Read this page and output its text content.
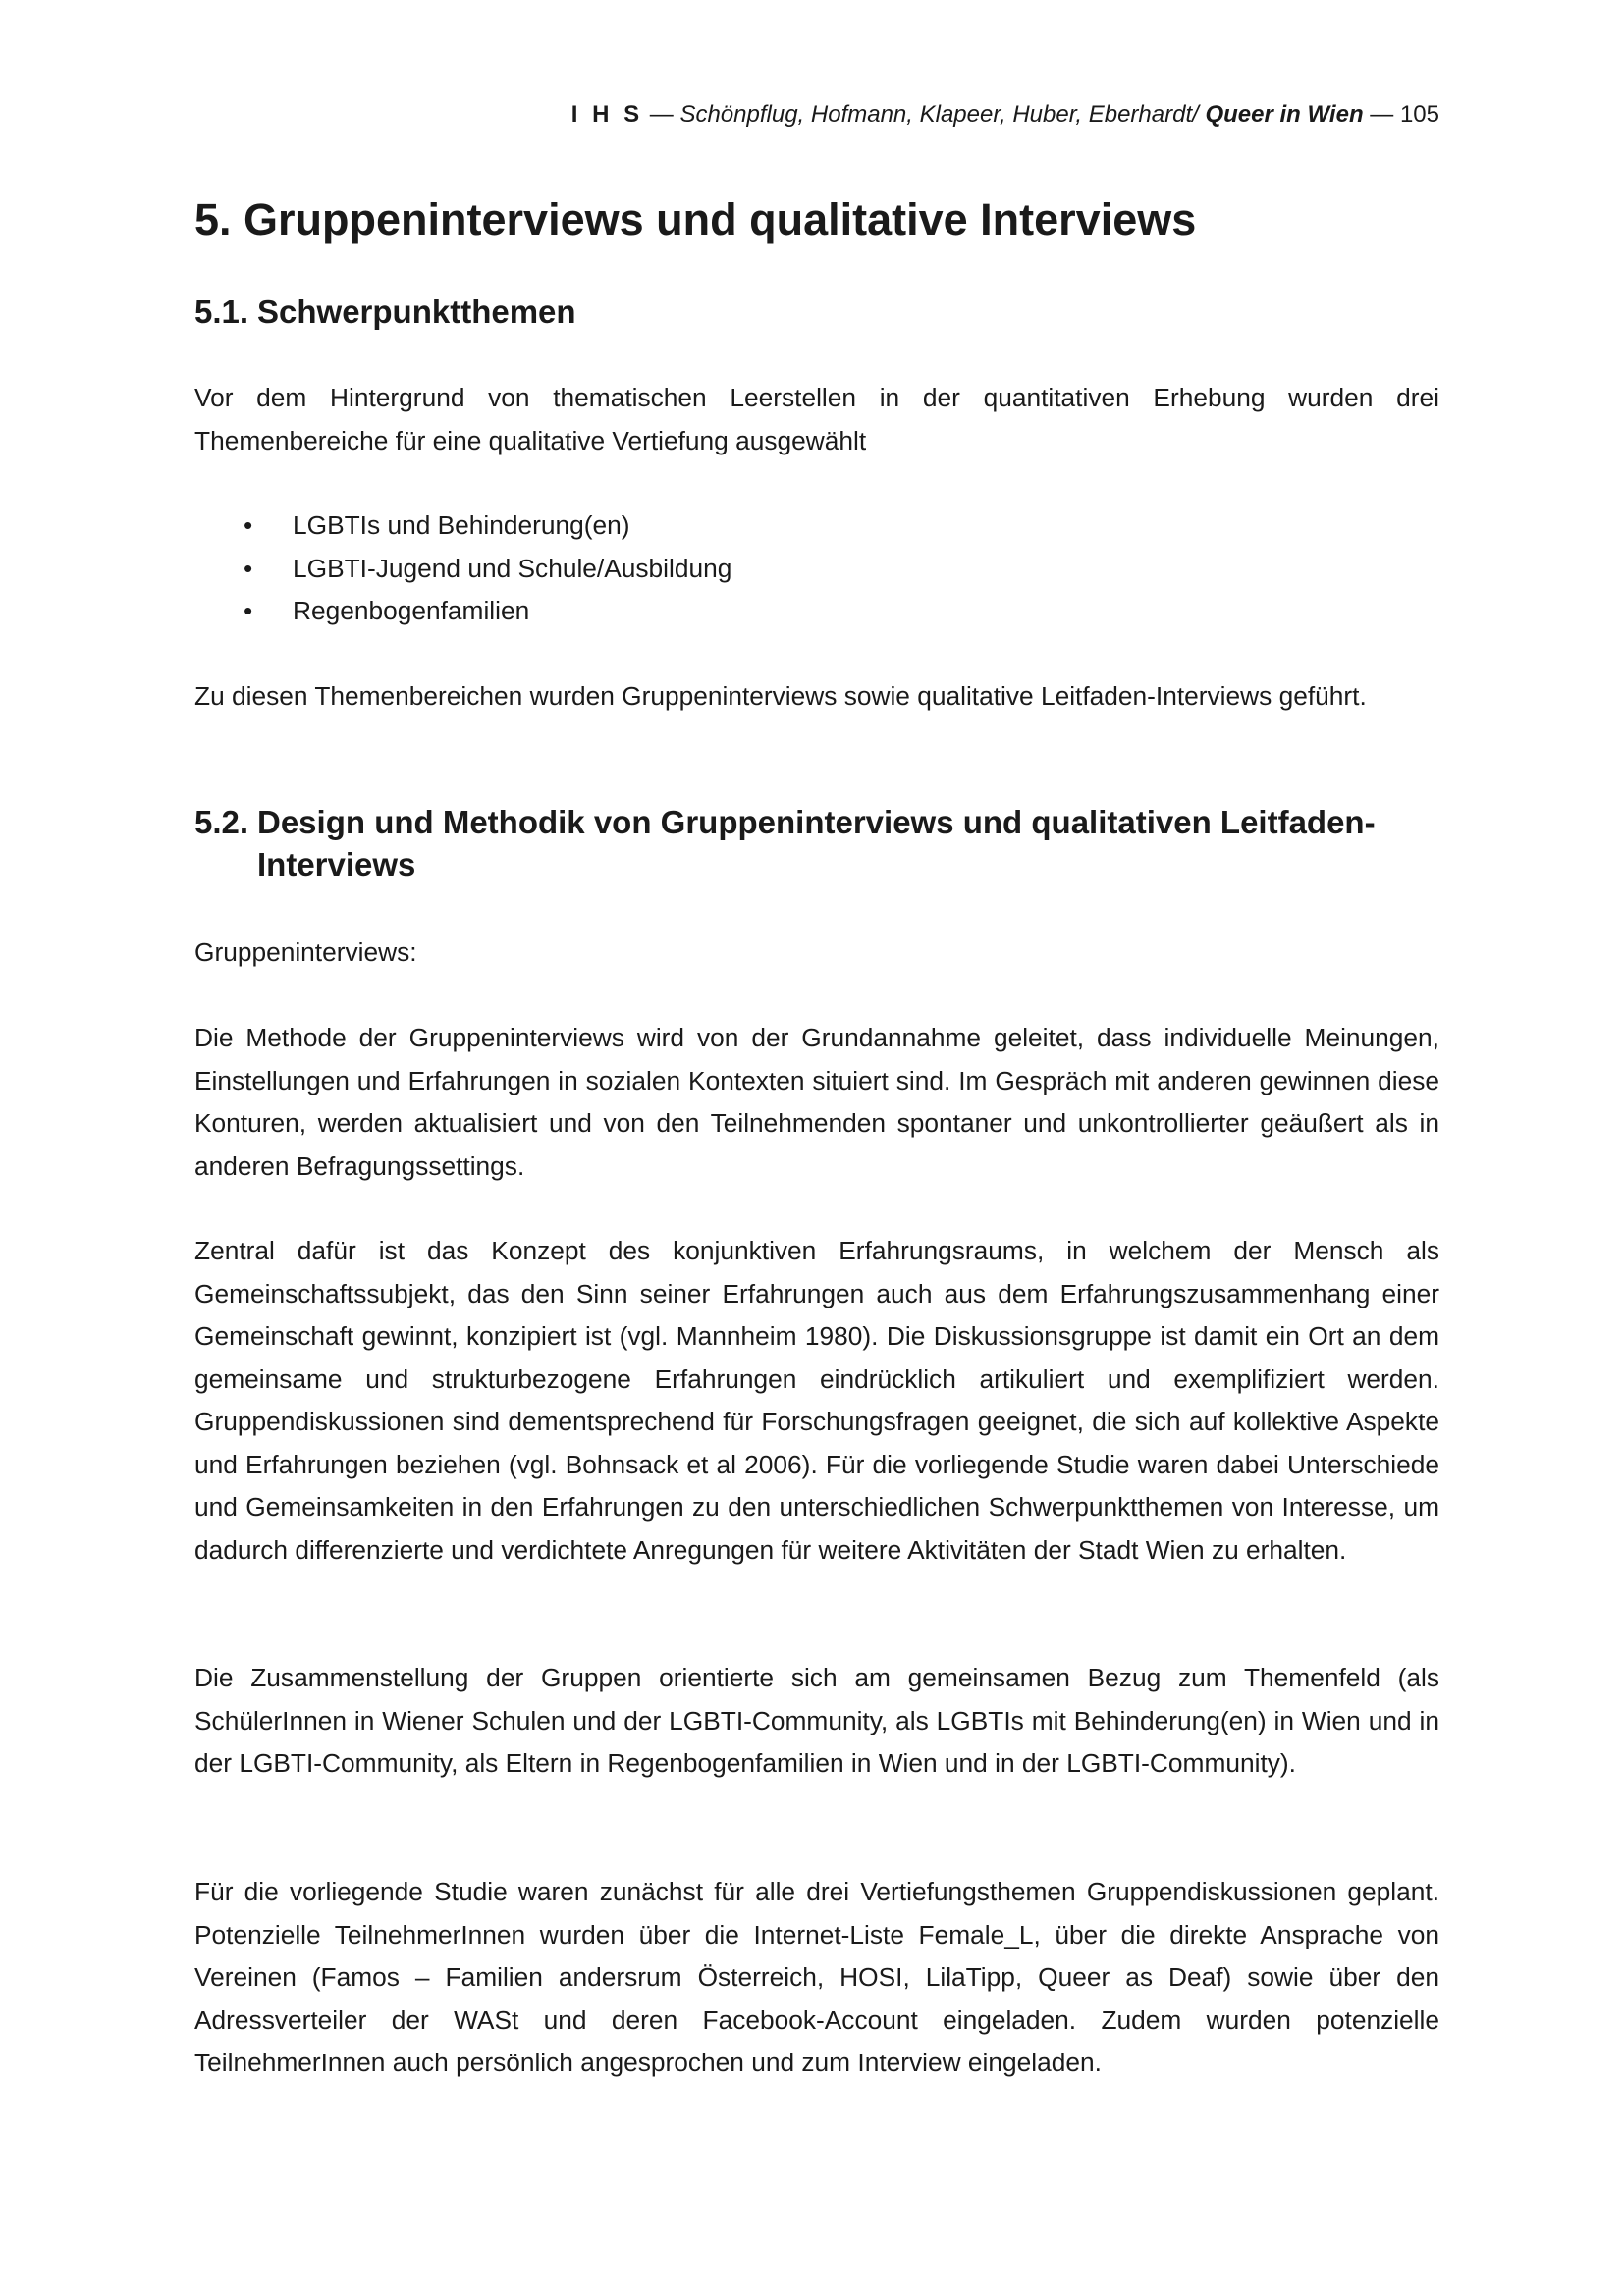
I H S — Schönpflug, Hofmann, Klapeer, Huber, Eberhardt/ Queer in Wien — 105
5. Gruppeninterviews und qualitative Interviews
5.1. Schwerpunktthemen

Vor dem Hintergrund von thematischen Leerstellen in der quantitativen Erhebung wurden drei Themenbereiche für eine qualitative Vertiefung ausgewählt

•	LGBTIs und Behinderung(en)
•	LGBTI-Jugend und Schule/Ausbildung
•	Regenbogenfamilien

Zu diesen Themenbereichen wurden Gruppeninterviews sowie qualitative Leitfaden-Interviews geführt.

5.2. Design und Methodik von Gruppeninterviews und qualitativen Leitfaden-
Interviews

Gruppeninterviews:

Die Methode der Gruppeninterviews wird von der Grundannahme geleitet, dass individuelle Meinungen, Einstellungen und Erfahrungen in sozialen Kontexten situiert sind. Im Gespräch mit anderen gewinnen diese Konturen, werden aktualisiert und von den Teilnehmenden spontaner und unkontrollierter geäußert als in anderen Befragungssettings.

Zentral dafür ist das Konzept des konjunktiven Erfahrungsraums, in welchem der Mensch als Gemeinschaftssubjekt, das den Sinn seiner Erfahrungen auch aus dem Erfahrungszusammenhang einer Gemeinschaft gewinnt, konzipiert ist (vgl. Mannheim 1980). Die Diskussionsgruppe ist damit ein Ort an dem gemeinsame und strukturbezogene Erfahrungen eindrücklich artikuliert und exemplifiziert werden. Gruppendiskussionen sind dementsprechend für Forschungsfragen geeignet, die sich auf kollektive Aspekte und Erfahrungen beziehen (vgl. Bohnsack et al 2006). Für die vorliegende Studie waren dabei Unterschiede und Gemeinsamkeiten in den Erfahrungen zu den unterschiedlichen Schwerpunktthemen von Interesse, um dadurch differenzierte und verdichtete Anregungen für weitere Aktivitäten der Stadt Wien zu erhalten.

Die Zusammenstellung der Gruppen orientierte sich am gemeinsamen Bezug zum Themenfeld (als SchülerInnen in Wiener Schulen und der LGBTI-Community, als LGBTIs mit Behinderung(en) in Wien und in der LGBTI-Community, als Eltern in Regenbogenfamilien in Wien und in der LGBTI-Community).

Für die vorliegende Studie waren zunächst für alle drei Vertiefungsthemen Gruppendiskussionen geplant. Potenzielle TeilnehmerInnen wurden über die Internet-Liste Female_L, über die direkte Ansprache von Vereinen (Famos – Familien andersrum Österreich, HOSI, LilaTipp, Queer as Deaf) sowie über den Adressverteiler der WASt und deren Facebook-Account eingeladen. Zudem wurden potenzielle TeilnehmerInnen auch persönlich angesprochen und zum Interview eingeladen.
